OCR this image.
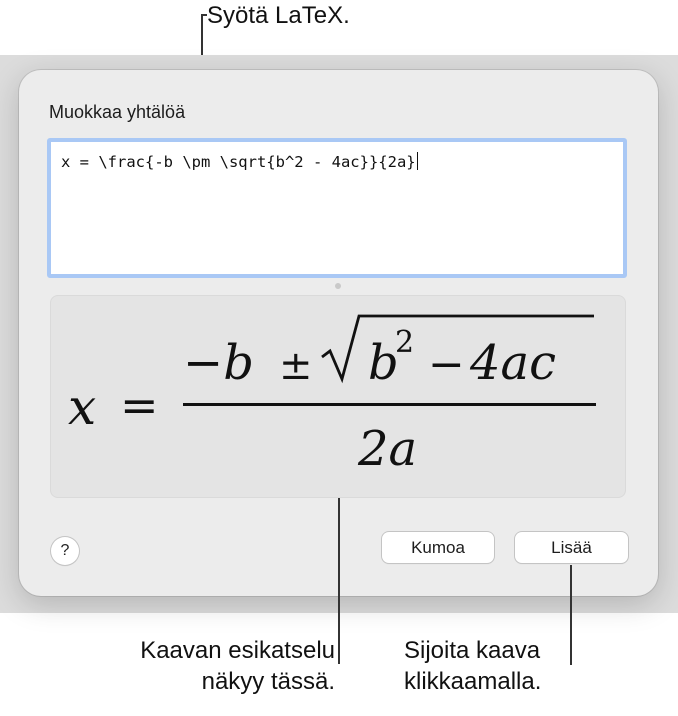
Syötä LaTeX.
Muokkaa yhtälöä
x = \frac{-b \pm \sqrt{b^2 - 4ac}}{2a}
x =
−b ± b
2 − 4ac
2a
?	Kumoa	Lisää
Kaavan esikatselu
näkyy tässä.
Sijoita kaava
klikkaamalla.
